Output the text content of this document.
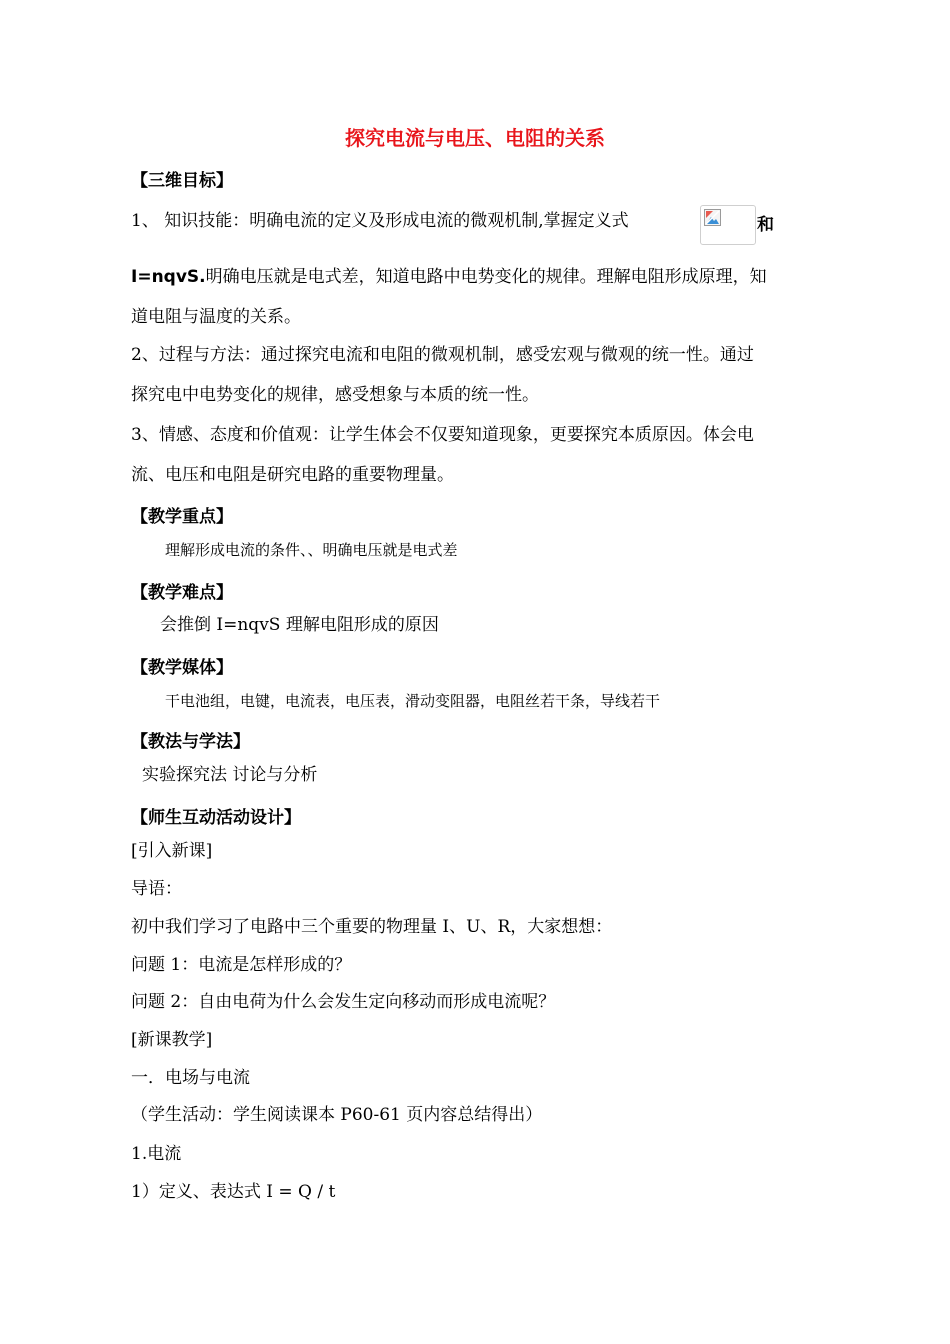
探究电流与电压、电阻的关系
【三维目标】
1、 知识技能：明确电流的定义及形成电流的微观机制,掌握定义式	和
I=nqvS.明确电压就是电式差，知道电路中电势变化的规律。理解电阻形成原理，知
道电阻与温度的关系。
2、过程与方法：通过探究电流和电阻的微观机制，感受宏观与微观的统一性。通过
探究电中电势变化的规律，感受想象与本质的统一性。
3、情感、态度和价值观：让学生体会不仅要知道现象，更要探究本质原因。体会电
流、电压和电阻是研究电路的重要物理量。
【教学重点】
理解形成电流的条件、、明确电压就是电式差
【教学难点】
会推倒 I=nqvS 理解电阻形成的原因
【教学媒体】
干电池组，电键，电流表，电压表，滑动变阻器，电阻丝若干条，导线若干
【教法与学法】
实验探究法 讨论与分析
【师生互动活动设计】
[引入新课]
导语：
初中我们学习了电路中三个重要的物理量 I、U、R，大家想想：
问题 1：电流是怎样形成的？
问题 2：自由电荷为什么会发生定向移动而形成电流呢？
[新课教学]
一．电场与电流
（学生活动：学生阅读课本 P60-61 页内容总结得出）
1.电流
1）定义、表达式 I = Q / t
